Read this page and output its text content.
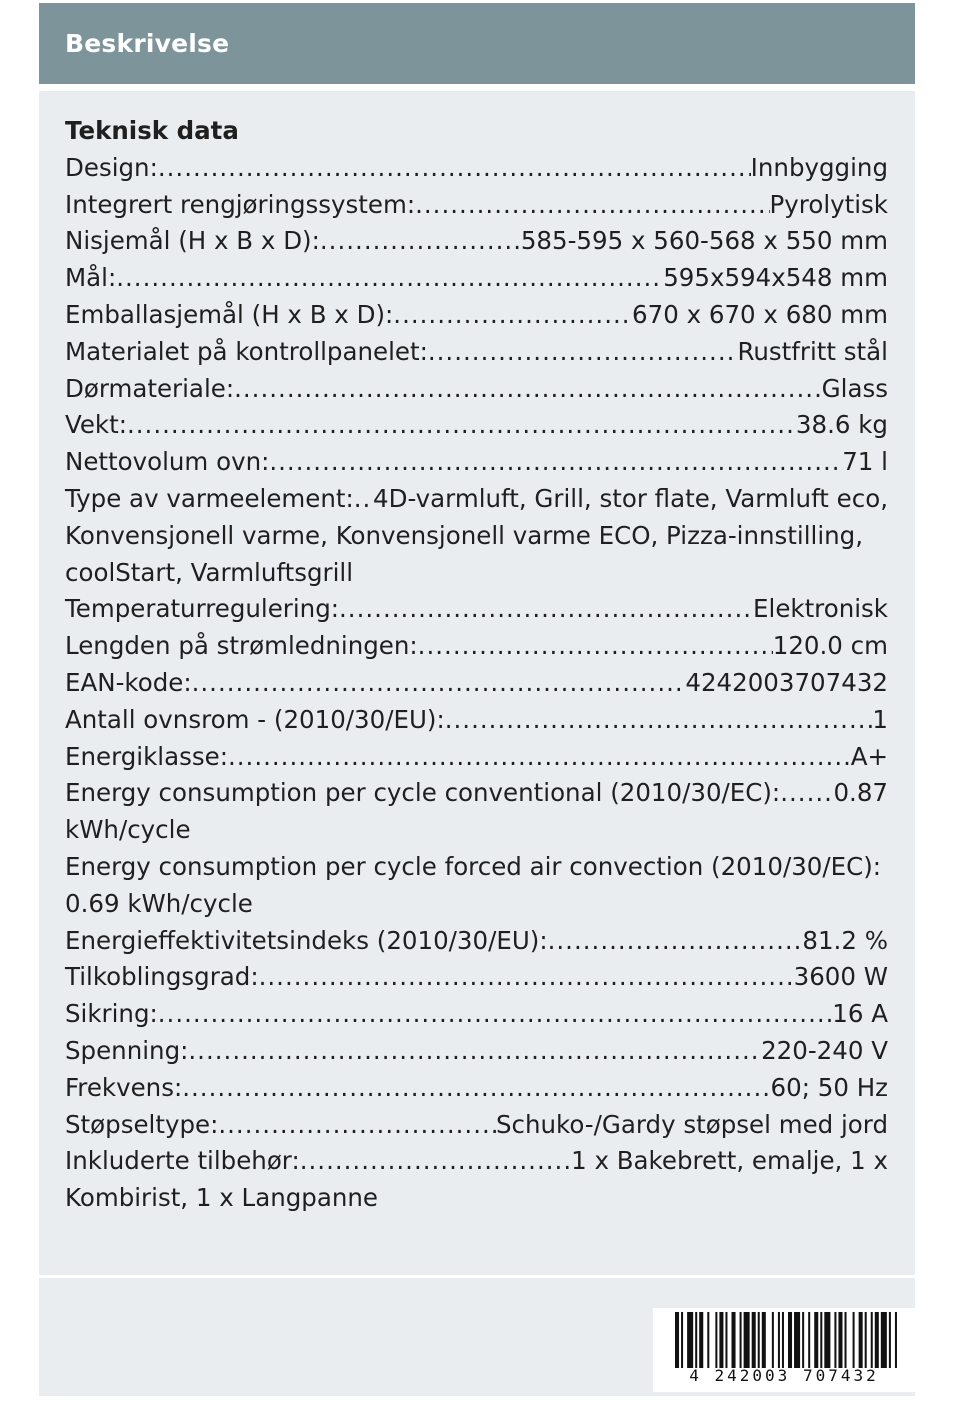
Beskrivelse
Teknisk data
Design: .....	Innbygging
Integrert rengjøringssystem: .....	Pyrolytisk
Nisjemål (H x B x D): .....	585-595 x 560-568 x 550 mm
Mål: .....	595x594x548 mm
Emballasjemål (H x B x D): .....	670 x 670 x 680 mm
Materialet på kontrollpanelet: .....	Rustfritt stål
Dørmateriale: .....	Glass
Vekt: .....	38.6 kg
Nettovolum ovn: .....	71 l
Type av varmeelement: ..... 4D-varmluft, Grill, stor flate, Varmluft eco,
Konvensjonell varme, Konvensjonell varme ECO, Pizza-innstilling,
coolStart, Varmluftsgrill
Temperaturregulering: .....	Elektronisk
Lengden på strømledningen: .....	120.0 cm
EAN-kode: .....	4242003707432
Antall ovnsrom - (2010/30/EU): .....	1
Energiklasse: .....	A+
Energy consumption per cycle conventional (2010/30/EC): ..... 0.87
kWh/cycle
Energy consumption per cycle forced air convection (2010/30/EC):
0.69 kWh/cycle
Energieffektivitetsindeks (2010/30/EU): .....	81.2 %
Tilkoblingsgrad: .....	3600 W
Sikring: .....	16 A
Spenning: .....	220-240 V
Frekvens: .....	60; 50 Hz
Støpseltype: .....	Schuko-/Gardy støpsel med jord
Inkluderte tilbehør: .....	1 x Bakebrett, emalje, 1 x
Kombirist, 1 x Langpanne
4 242003 707432
